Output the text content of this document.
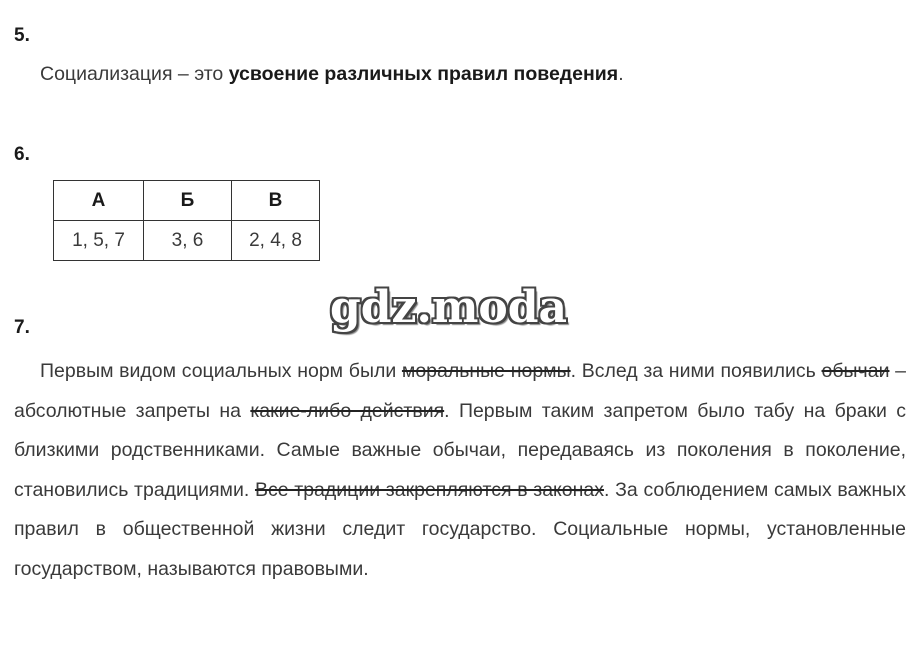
5.
Социализация – это усвоение различных правил поведения.
6.
А	Б	В
1, 5, 7	3, 6	2, 4, 8
gdz.moda
7.
Первым видом социальных норм были моральные нормы. Вслед за ними появились обычаи – абсолютные запреты на какие-либо действия. Первым таким запретом было табу на браки с близкими родственниками. Самые важные обычаи, передаваясь из поколения в поколение, становились традициями. Все традиции закрепляются в законах. За соблюдением самых важных правил в общественной жизни следит государство. Социальные нормы, установленные государством, называются правовыми.
